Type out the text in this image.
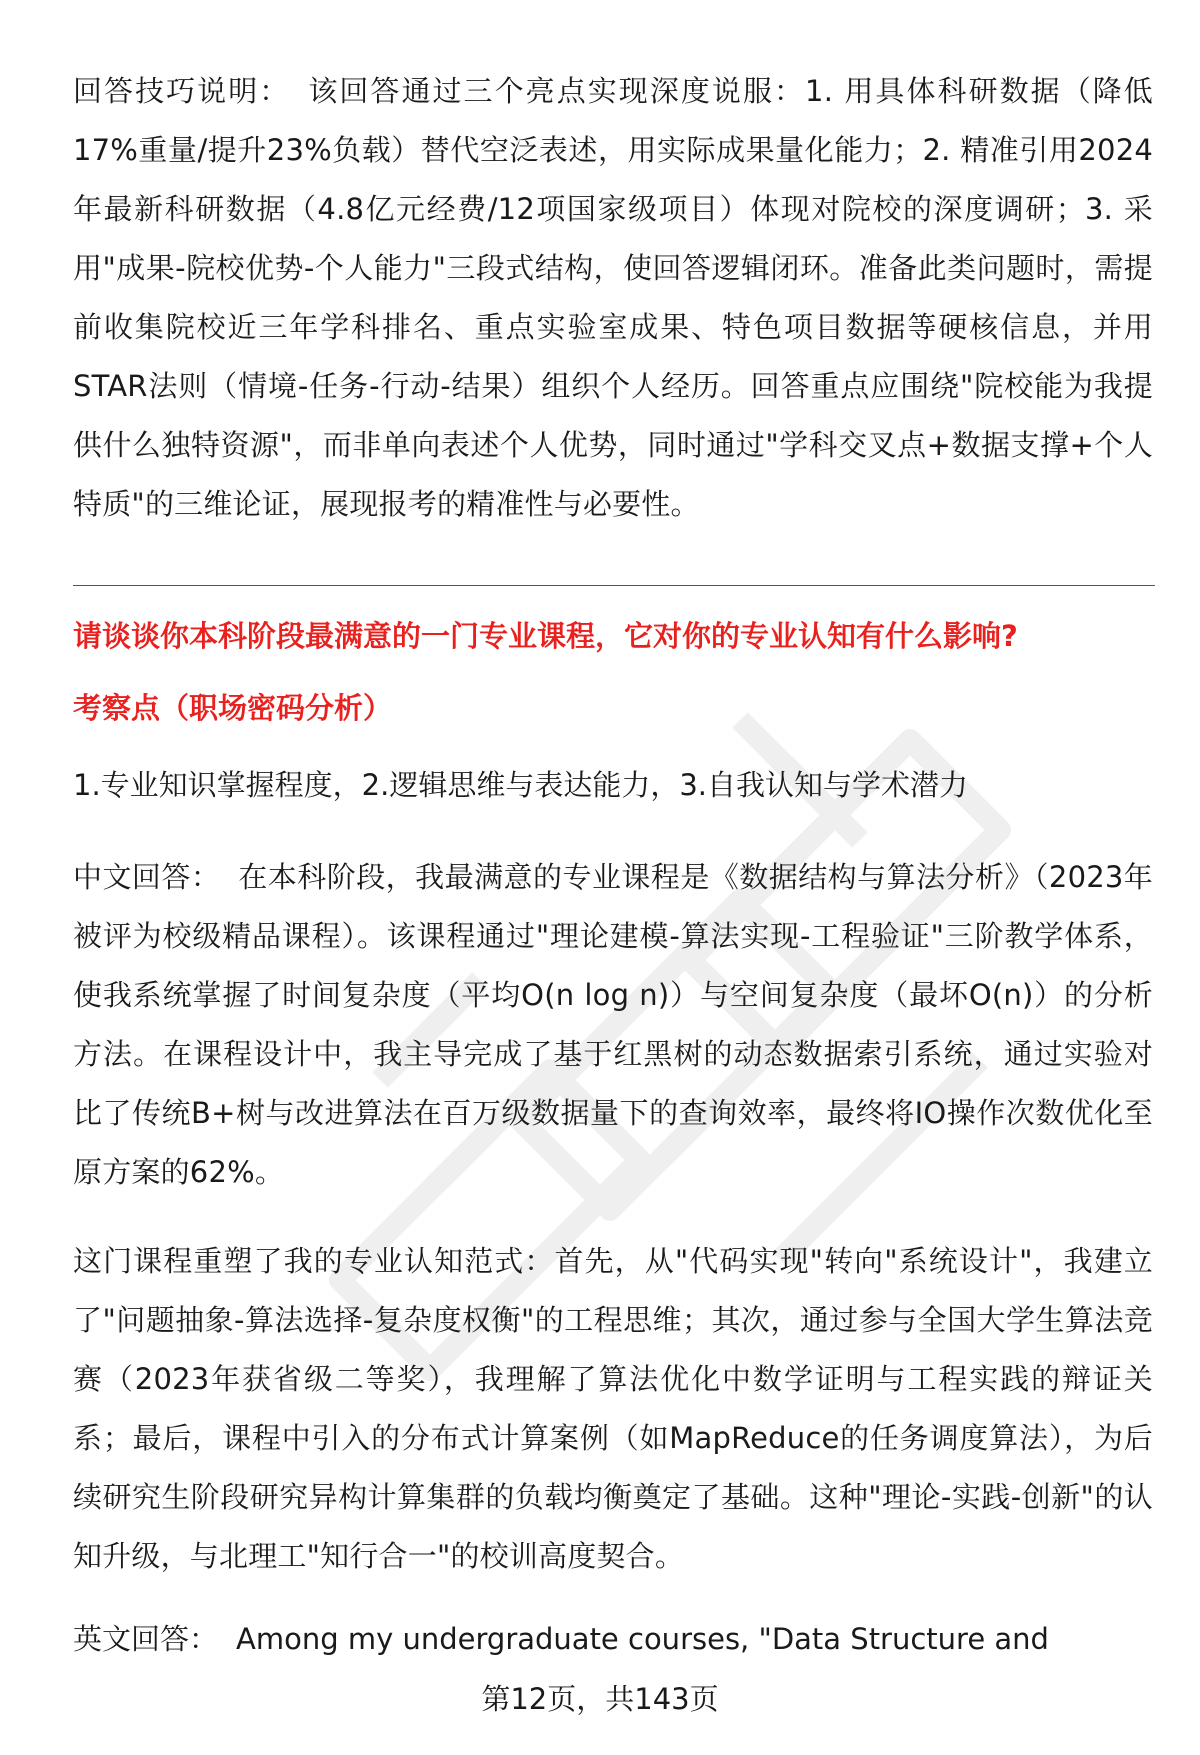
回答技巧说明： 该回答通过三个亮点实现深度说服：1. 用具体科研数据（降低17%重量/提升23%负载）替代空泛表述，用实际成果量化能力；2. 精准引用2024年最新科研数据（4.8亿元经费/12项国家级项目）体现对院校的深度调研；3. 采用"成果-院校优势-个人能力"三段式结构，使回答逻辑闭环。准备此类问题时，需提前收集院校近三年学科排名、重点实验室成果、特色项目数据等硬核信息，并用STAR法则（情境-任务-行动-结果）组织个人经历。回答重点应围绕"院校能为我提供什么独特资源"，而非单向表述个人优势，同时通过"学科交叉点+数据支撑+个人特质"的三维论证，展现报考的精准性与必要性。

请谈谈你本科阶段最满意的一门专业课程，它对你的专业认知有什么影响?

考察点（职场密码分析）

1.专业知识掌握程度，2.逻辑思维与表达能力，3.自我认知与学术潜力

中文回答： 在本科阶段，我最满意的专业课程是《数据结构与算法分析》（2023年被评为校级精品课程）。该课程通过"理论建模-算法实现-工程验证"三阶教学体系，使我系统掌握了时间复杂度（平均O(n log n)）与空间复杂度（最坏O(n)）的分析方法。在课程设计中，我主导完成了基于红黑树的动态数据索引系统，通过实验对比了传统B+树与改进算法在百万级数据量下的查询效率，最终将IO操作次数优化至原方案的62%。

这门课程重塑了我的专业认知范式：首先，从"代码实现"转向"系统设计"，我建立了"问题抽象-算法选择-复杂度权衡"的工程思维；其次，通过参与全国大学生算法竞赛（2023年获省级二等奖），我理解了算法优化中数学证明与工程实践的辩证关系；最后，课程中引入的分布式计算案例（如MapReduce的任务调度算法），为后续研究生阶段研究异构计算集群的负载均衡奠定了基础。这种"理论-实践-创新"的认知升级，与北理工"知行合一"的校训高度契合。

英文回答： Among my undergraduate courses, "Data Structure and

第12页，共143页
